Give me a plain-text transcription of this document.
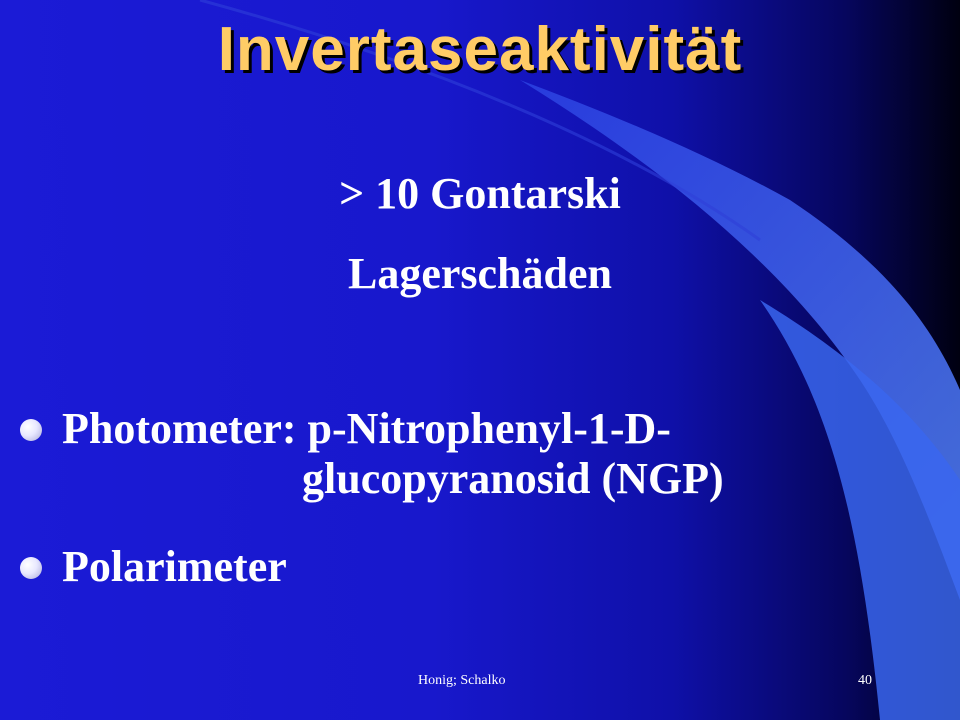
Invertaseaktivität
> 10 Gontarski
Lagerschäden
Photometer: p-Nitrophenyl-1-D-
glucopyranosid (NGP)
Polarimeter
Honig; Schalko	40
